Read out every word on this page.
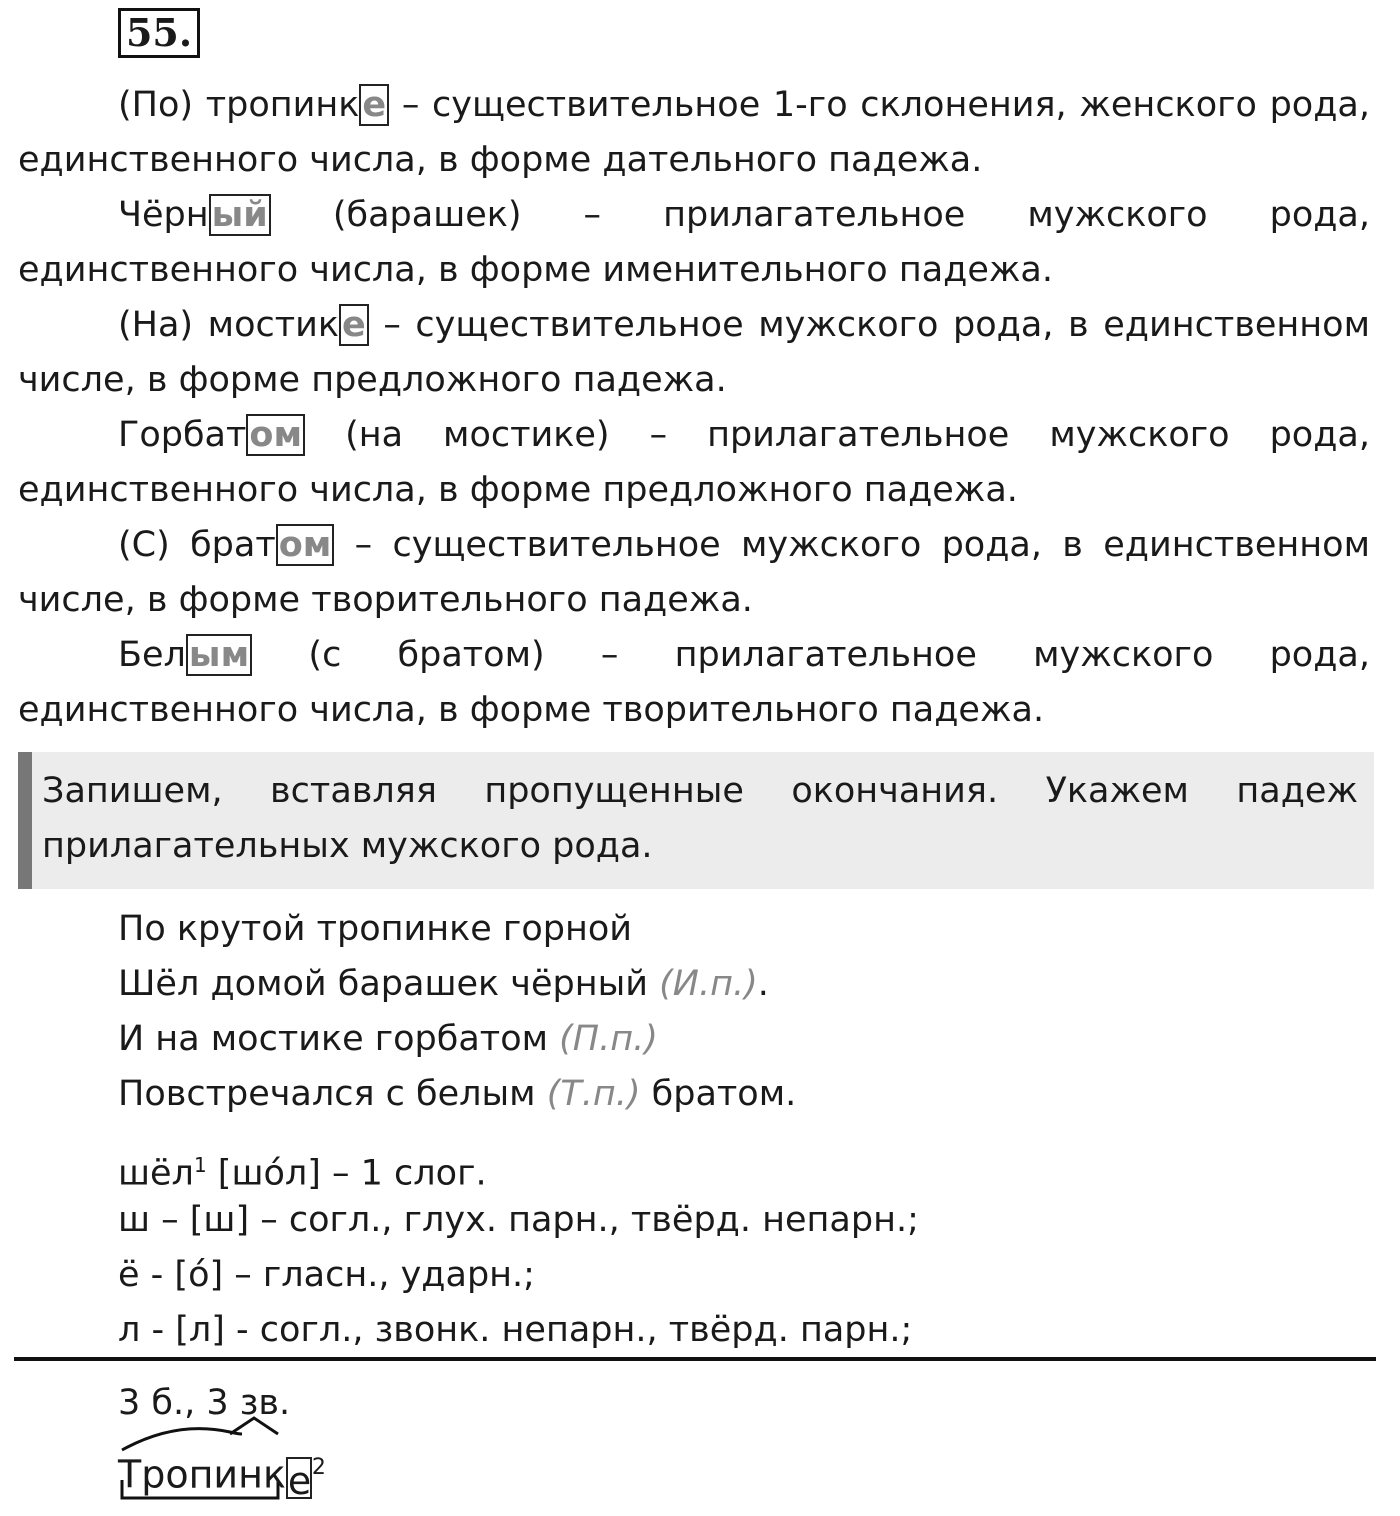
55.

(По) тропинке – существительное 1-го склонения, женского рода, единственного числа, в форме дательного падежа.

Чёрный (барашек) – прилагательное мужского рода, единственного числа, в форме именительного падежа.

(На) мостике – существительное мужского рода, в единственном числе, в форме предложного падежа.

Горбатом (на мостике) – прилагательное мужского рода, единственного числа, в форме предложного падежа.

(С) братом – существительное мужского рода, в единственном числе, в форме творительного падежа.

Белым (с братом) – прилагательное мужского рода, единственного числа, в форме творительного падежа.

Запишем, вставляя пропущенные окончания. Укажем падеж прилагательных мужского рода.
По крутой тропинке горной
Шёл домой барашек чёрный (И.п.).
И на мостике горбатом (П.п.)
Повстречался с белым (Т.п.) братом.
шёл$^1$ [шо́л] – 1 слог.
ш – [ш] – согл., глух. парн., твёрд. непарн.;
ё - [о́] – гласн., ударн.;
л - [л] - согл., звонк. непарн., твёрд. парн.;
3 б., 3 зв.
Тропинке$^2$
